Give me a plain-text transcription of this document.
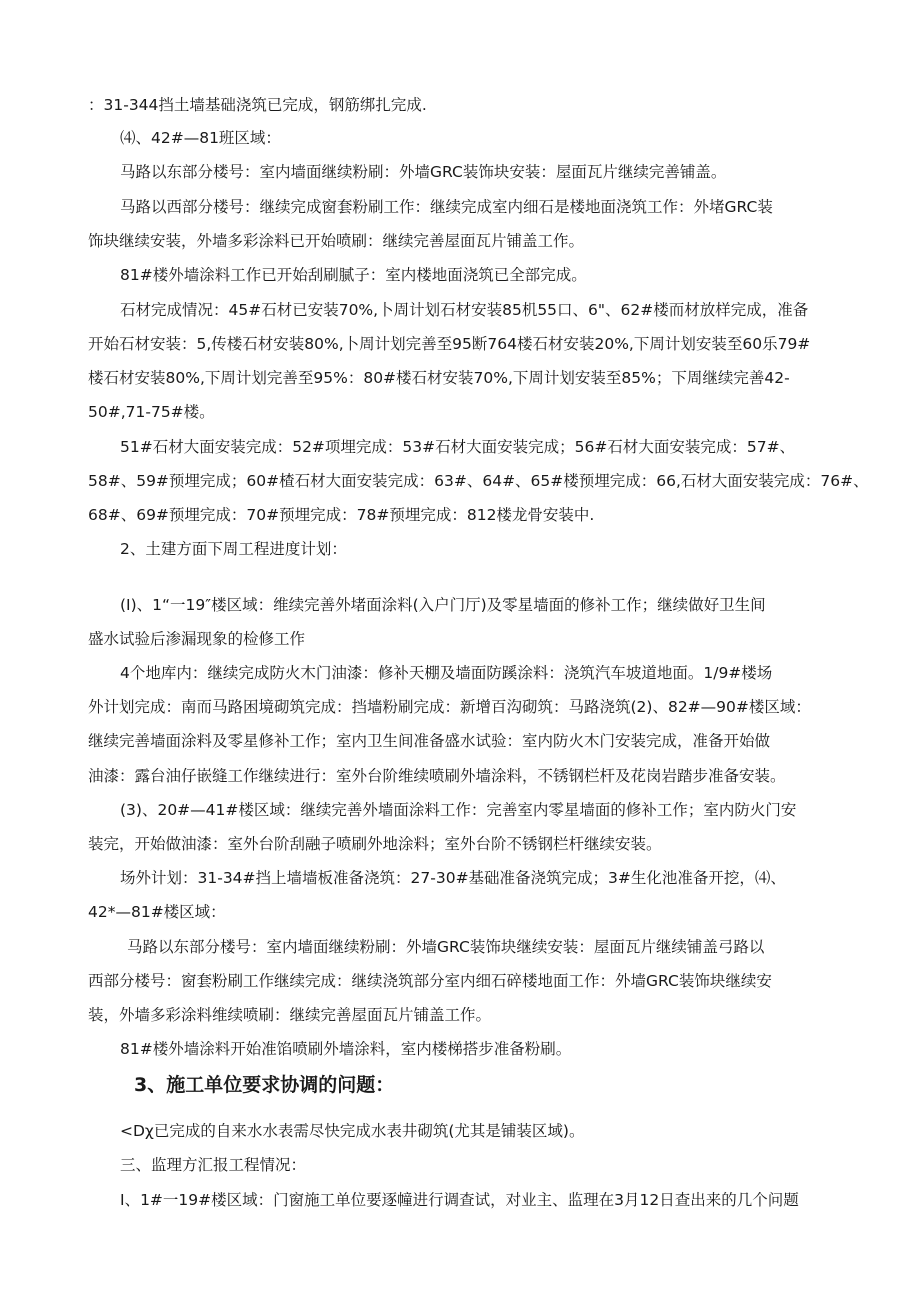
：31-344挡土墙基础浇筑已完成，钢筋绑扎完成.
⑷、42#—81班区域：
马路以东部分楼号：室内墙面继续粉刷：外墙GRC装饰块安装：屋面瓦片继续完善铺盖。
马路以西部分楼号：继续完成窗套粉刷工作：继续完成室内细石是楼地面浇筑工作：外堵GRC装
饰块继续安装，外墙多彩涂料已开始喷刷：继续完善屋面瓦片铺盖工作。
81#楼外墙涂料工作已开始刮刷腻子：室内楼地面浇筑已全部完成。
石材完成情况：45#石材已安装70%,卜周计划石材安装85机55口、6"、62#楼而材放样完成，准备
开始石材安装：5,传楼石材安装80%,卜周计划完善至95断764楼石材安装20%,下周计划安装至60乐79#
楼石材安装80%,下周计划完善至95%：80#楼石材安装70%,下周计划安装至85%；下周继续完善42-
50#,71-75#楼。
51#石材大面安装完成：52#项埋完成：53#石材大面安装完成；56#石材大面安装完成：57#、
58#、59#预埋完成；60#楂石材大面安装完成：63#、64#、65#楼预埋完成：66,石材大面安装完成：76#、
68#、69#预埋完成：70#预埋完成：78#预埋完成：812楼龙骨安装中.
2、土建方面下周工程进度计划：
(I)、1“一19″楼区域：维续完善外堵面涂料(入户门厅)及零星墙面的修补工作；继续做好卫生间
盛水试验后渗漏现象的检修工作
4个地库内：继续完成防火木门油漆：修补天棚及墙面防蹊涂料：浇筑汽车坡道地面。1/9#楼场
外计划完成：南而马路困境砌筑完成：挡墙粉刷完成：新增百沟砌筑：马路浇筑(2)、82#—90#楼区域：
继续完善墙面涂料及零星修补工作；室内卫生间准备盛水试验：室内防火木门安装完成，准备开始做
油漆：露台油仔嵌缝工作继续进行：室外台阶维续喷刷外墙涂料，不锈钢栏杆及花岗岩踏步准备安装。
(3)、20#—41#楼区域：继续完善外墙面涂料工作：完善室内零星墙面的修补工作；室内防火门安
装完，开始做油漆：室外台阶刮融子喷刷外地涂料；室外台阶不锈钢栏杆继续安装。
场外计划：31-34#挡上墙墙板准备浇筑：27-30#基础准备浇筑完成；3#生化池准备开挖，⑷、
42*—81#楼区域：
马路以东部分楼号：室内墙面继续粉刷：外墙GRC装饰块继续安装：屋面瓦片继续铺盖弓路以
西部分楼号：窗套粉刷工作继续完成：继续浇筑部分室内细石碎楼地面工作：外墙GRC装饰块继续安
装，外墙多彩涂料维续喷刷：继续完善屋面瓦片铺盖工作。
81#楼外墙涂料开始准馅喷刷外墙涂料，室内楼梯搭步准备粉刷。
3、施工单位要求协调的问题：
<Dχ已完成的自来水水表需尽快完成水表井砌筑(尤其是铺装区域)。
三、监理方汇报工程情况：
I、1#一19#楼区域：门窗施工单位要逐幢进行调查试，对业主、监理在3月12日查出来的几个问题
